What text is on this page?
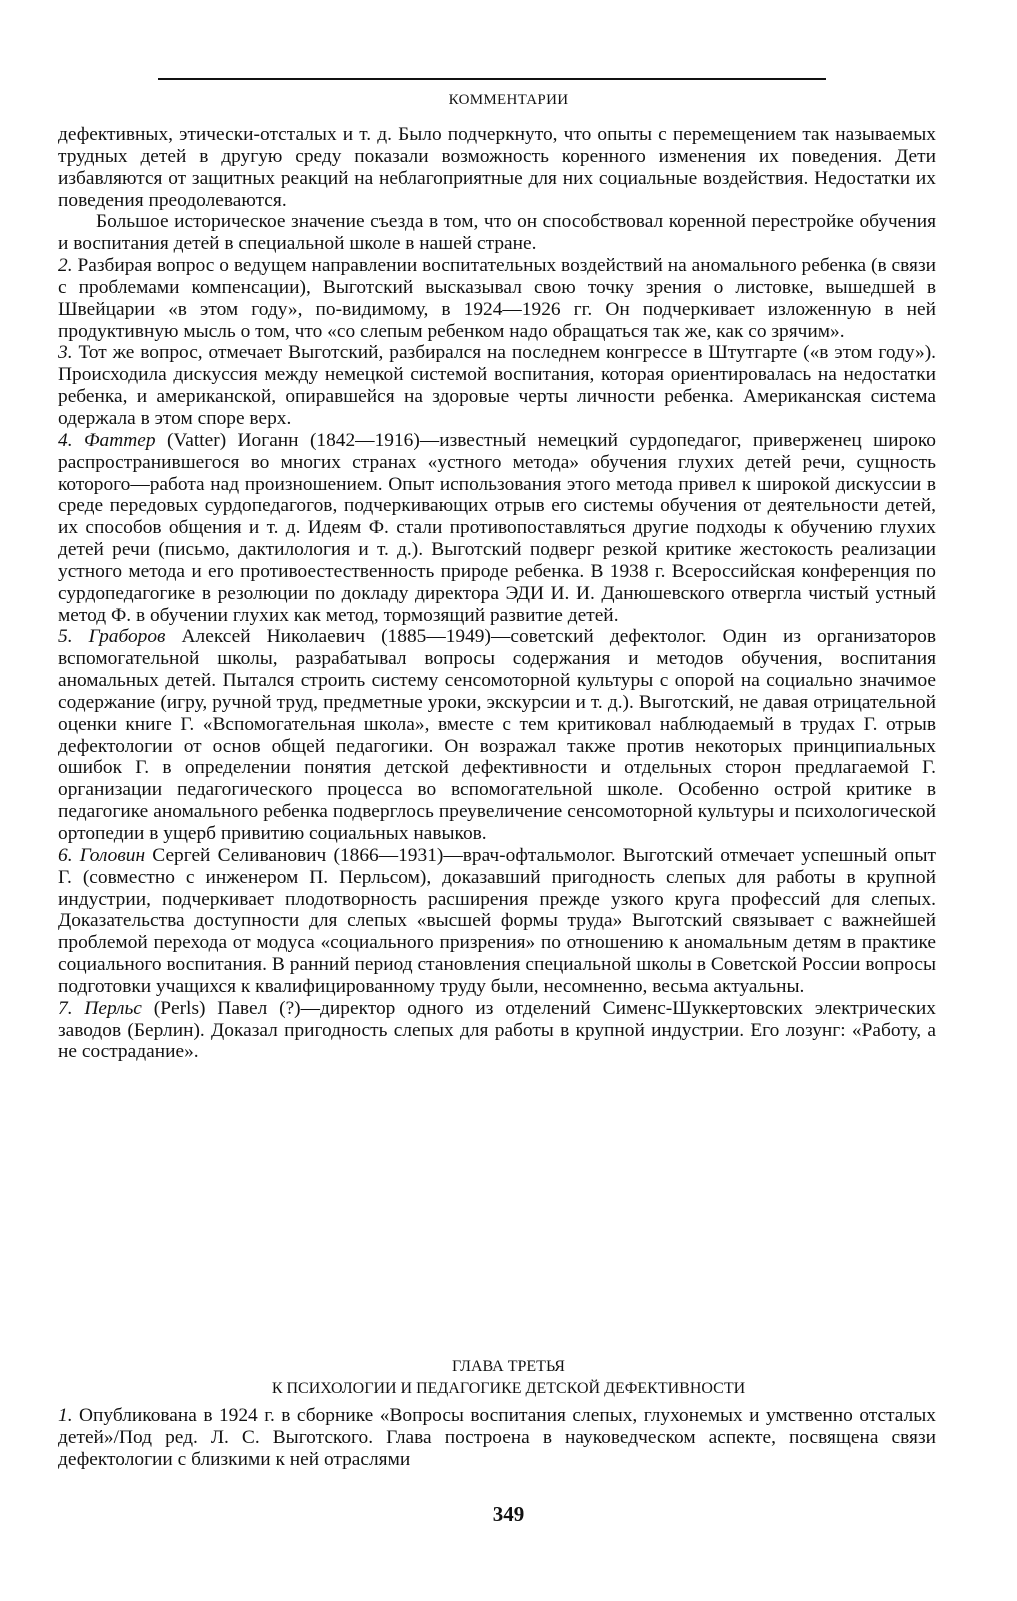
КОММЕНТАРИИ

дефективных, этически-отсталых и т. д. Было подчеркнуто, что опыты с перемещением так называемых трудных детей в другую среду показали возможность коренного изменения их поведения. Дети избавляются от защитных реакций на неблагоприятные для них социальные воздействия. Недостатки их поведения преодолеваются.

Большое историческое значение съезда в том, что он способствовал коренной перестройке обучения и воспитания детей в специальной школе в нашей стране.

2. Разбирая вопрос о ведущем направлении воспитательных воздействий на аномального ребенка (в связи с проблемами компенсации), Выготский высказывал свою точку зрения о листовке, вышедшей в Швейцарии «в этом году», по-видимому, в 1924—1926 гг. Он подчеркивает изложенную в ней продуктивную мысль о том, что «со слепым ребенком надо обращаться так же, как со зрячим».

3. Тот же вопрос, отмечает Выготский, разбирался на последнем конгрессе в Штутгарте («в этом году»). Происходила дискуссия между немецкой системой воспитания, которая ориентировалась на недостатки ребенка, и американской, опиравшейся на здоровые черты личности ребенка. Американская система одержала в этом споре верх.

4. Фаттер (Vatter) Иоганн (1842—1916)—известный немецкий сурдопедагог, приверженец широко распространившегося во многих странах «устного метода» обучения глухих детей речи, сущность которого—работа над произношением. Опыт использования этого метода привел к широкой дискуссии в среде передовых сурдопедагогов, подчеркивающих отрыв его системы обучения от деятельности детей, их способов общения и т. д. Идеям Ф. стали противопоставляться другие подходы к обучению глухих детей речи (письмо, дактилология и т. д.). Выготский подверг резкой критике жестокость реализации устного метода и его противоестественность природе ребенка. В 1938 г. Всероссийская конференция по сурдопедагогике в резолюции по докладу директора ЭДИ И. И. Данюшевского отвергла чистый устный метод Ф. в обучении глухих как метод, тормозящий развитие детей.

5. Граборов Алексей Николаевич (1885—1949)—советский дефектолог. Один из организаторов вспомогательной школы, разрабатывал вопросы содержания и методов обучения, воспитания аномальных детей. Пытался строить систему сенсомоторной культуры с опорой на социально значимое содержание (игру, ручной труд, предметные уроки, экскурсии и т. д.). Выготский, не давая отрицательной оценки книге Г. «Вспомогательная школа», вместе с тем критиковал наблюдаемый в трудах Г. отрыв дефектологии от основ общей педагогики. Он возражал также против некоторых принципиальных ошибок Г. в определении понятия детской дефективности и отдельных сторон предлагаемой Г. организации педагогического процесса во вспомогательной школе. Особенно острой критике в педагогике аномального ребенка подверглось преувеличение сенсомоторной культуры и психологической ортопедии в ущерб привитию социальных навыков.

6. Головин Сергей Селиванович (1866—1931)—врач-офтальмолог. Выготский отмечает успешный опыт Г. (совместно с инженером П. Перльсом), доказавший пригодность слепых для работы в крупной индустрии, подчеркивает плодотворность расширения прежде узкого круга профессий для слепых. Доказательства доступности для слепых «высшей формы труда» Выготский связывает с важнейшей проблемой перехода от модуса «социального призрения» по отношению к аномальным детям в практике социального воспитания. В ранний период становления специальной школы в Советской России вопросы подготовки учащихся к квалифицированному труду были, несомненно, весьма актуальны.

7. Перльс (Perls) Павел (?)—директор одного из отделений Сименс-Шуккертовских электрических заводов (Берлин). Доказал пригодность слепых для работы в крупной индустрии. Его лозунг: «Работу, а не сострадание».

ГЛАВА ТРЕТЬЯ
К ПСИХОЛОГИИ И ПЕДАГОГИКЕ ДЕТСКОЙ ДЕФЕКТИВНОСТИ

1. Опубликована в 1924 г. в сборнике «Вопросы воспитания слепых, глухонемых и умственно отсталых детей»/Под ред. Л. С. Выготского. Глава построена в науковедческом аспекте, посвящена связи дефектологии с близкими к ней отраслями

349
